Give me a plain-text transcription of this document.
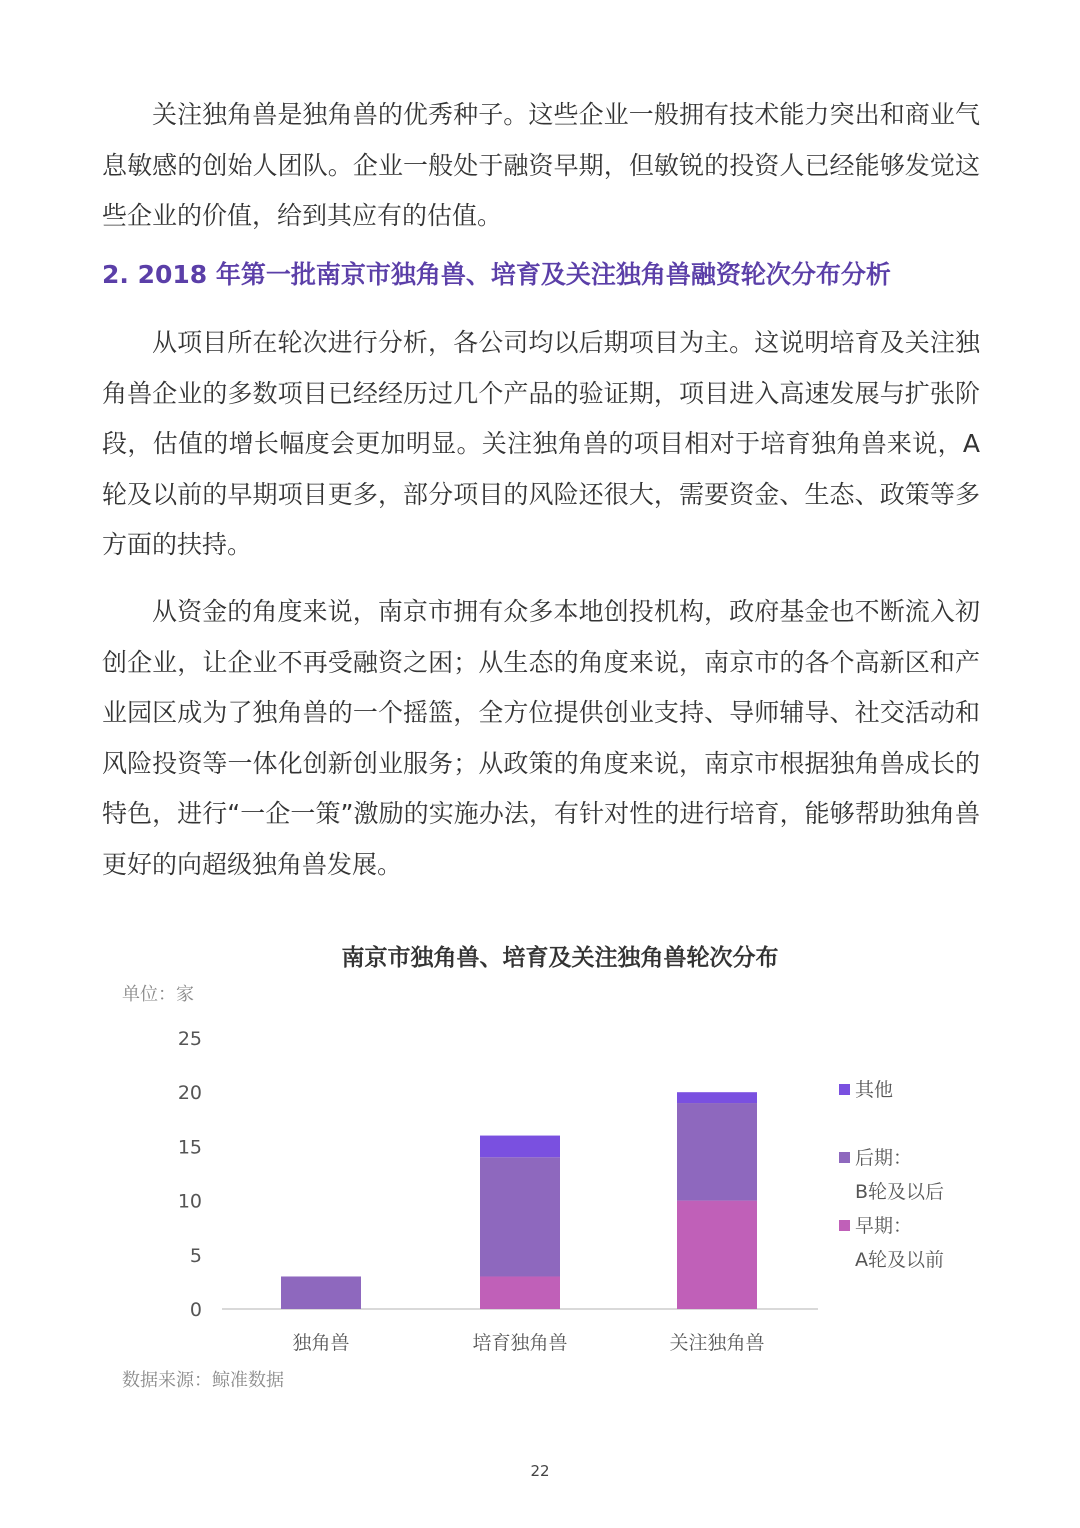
关注独角兽是独角兽的优秀种子。这些企业一般拥有技术能力突出和商业气息敏感的创始人团队。企业一般处于融资早期，但敏锐的投资人已经能够发觉这些企业的价值，给到其应有的估值。

2. 2018 年第一批南京市独角兽、培育及关注独角兽融资轮次分布分析

从项目所在轮次进行分析，各公司均以后期项目为主。这说明培育及关注独角兽企业的多数项目已经经历过几个产品的验证期，项目进入高速发展与扩张阶段，估值的增长幅度会更加明显。关注独角兽的项目相对于培育独角兽来说，A 轮及以前的早期项目更多，部分项目的风险还很大，需要资金、生态、政策等多方面的扶持。

从资金的角度来说，南京市拥有众多本地创投机构，政府基金也不断流入初创企业，让企业不再受融资之困；从生态的角度来说，南京市的各个高新区和产业园区成为了独角兽的一个摇篮，全方位提供创业支持、导师辅导、社交活动和风险投资等一体化创新创业服务；从政策的角度来说，南京市根据独角兽成长的特色，进行“一企一策”激励的实施办法，有针对性的进行培育，能够帮助独角兽更好的向超级独角兽发展。

南京市独角兽、培育及关注独角兽轮次分布
单位：家
0
5
10
15
20
25
独角兽	培育独角兽	关注独角兽
其他
后期：
B轮及以后
早期：
A轮及以前
数据来源：鲸准数据
22
